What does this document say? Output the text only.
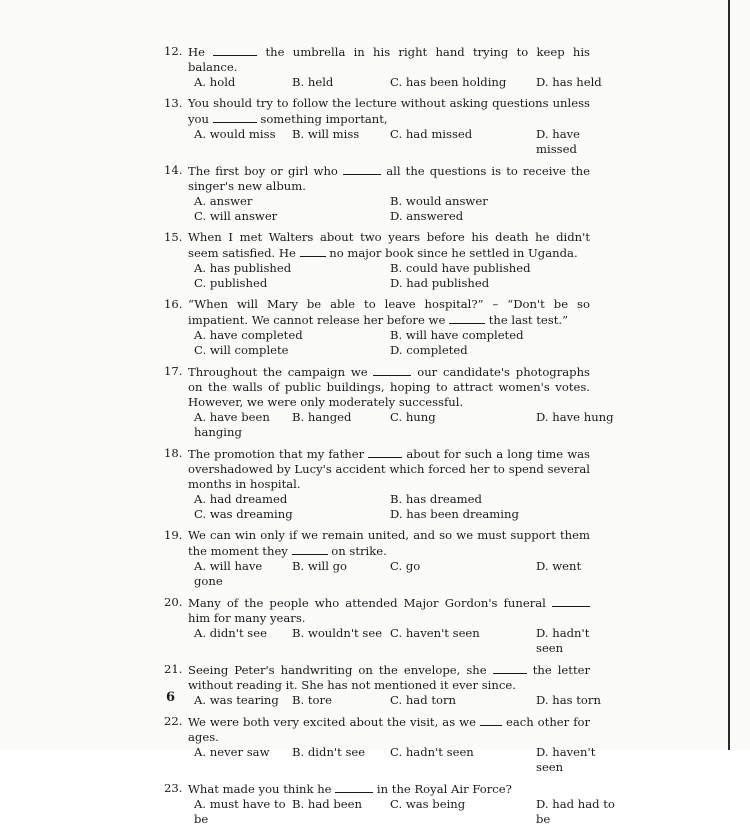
12. He	the umbrella in his right hand trying to keep his balance.
A. hold	B. held	C. has been holding	D. has held
13. You should try to follow the lecture without asking questions unless you	something important,
A. would miss	B. will miss	C. had missed	D. have missed
14. The first boy or girl who	all the questions is to receive the singer's new album.
A. answer	B. would answer
C. will answer	D. answered
15. When I met Walters about two years before his death he didn't seem satisfied. He	no major book since he settled in Uganda.
A. has published	B. could have published
C. published	D. had published
16. “When will Mary be able to leave hospital?” – “Don't be so impatient. We cannot release her before we	the last test.”
A. have completed	B. will have completed
C. will complete	D. completed
17. Throughout the campaign we	our candidate's photographs on the walls of public buildings, hoping to attract women's votes. However, we were only moderately successful.
A. have been hanging
B. hanged	C. hung	D. have hung
18. The promotion that my father	about for such a long time was overshadowed by Lucy's accident which forced her to spend several months in hospital.
A. had dreamed	B. has dreamed
C. was dreaming	D. has been dreaming
19. We can win only if we remain united, and so we must support them the moment they	on strike.
A. will have gone
B. will go	C. go	D. went
20. Many of the people who attended Major Gordon's funeral  him for many years.
A. didn't see	B. wouldn't see C. haven't seen	D. hadn't seen
21. Seeing Peter's handwriting on the envelope, she	the letter without reading it. She has not mentioned it ever since.
A. was tearing	B. tore	C. had torn	D. has torn
22. We were both very excited about the visit, as we  each other for ages.
A. never saw	B. didn't see	C. hadn't seen	D. haven't seen
23. What made you think he	in the Royal Air Force?
A. must have to be
B. had been	C. was being	D. had had to be
6
